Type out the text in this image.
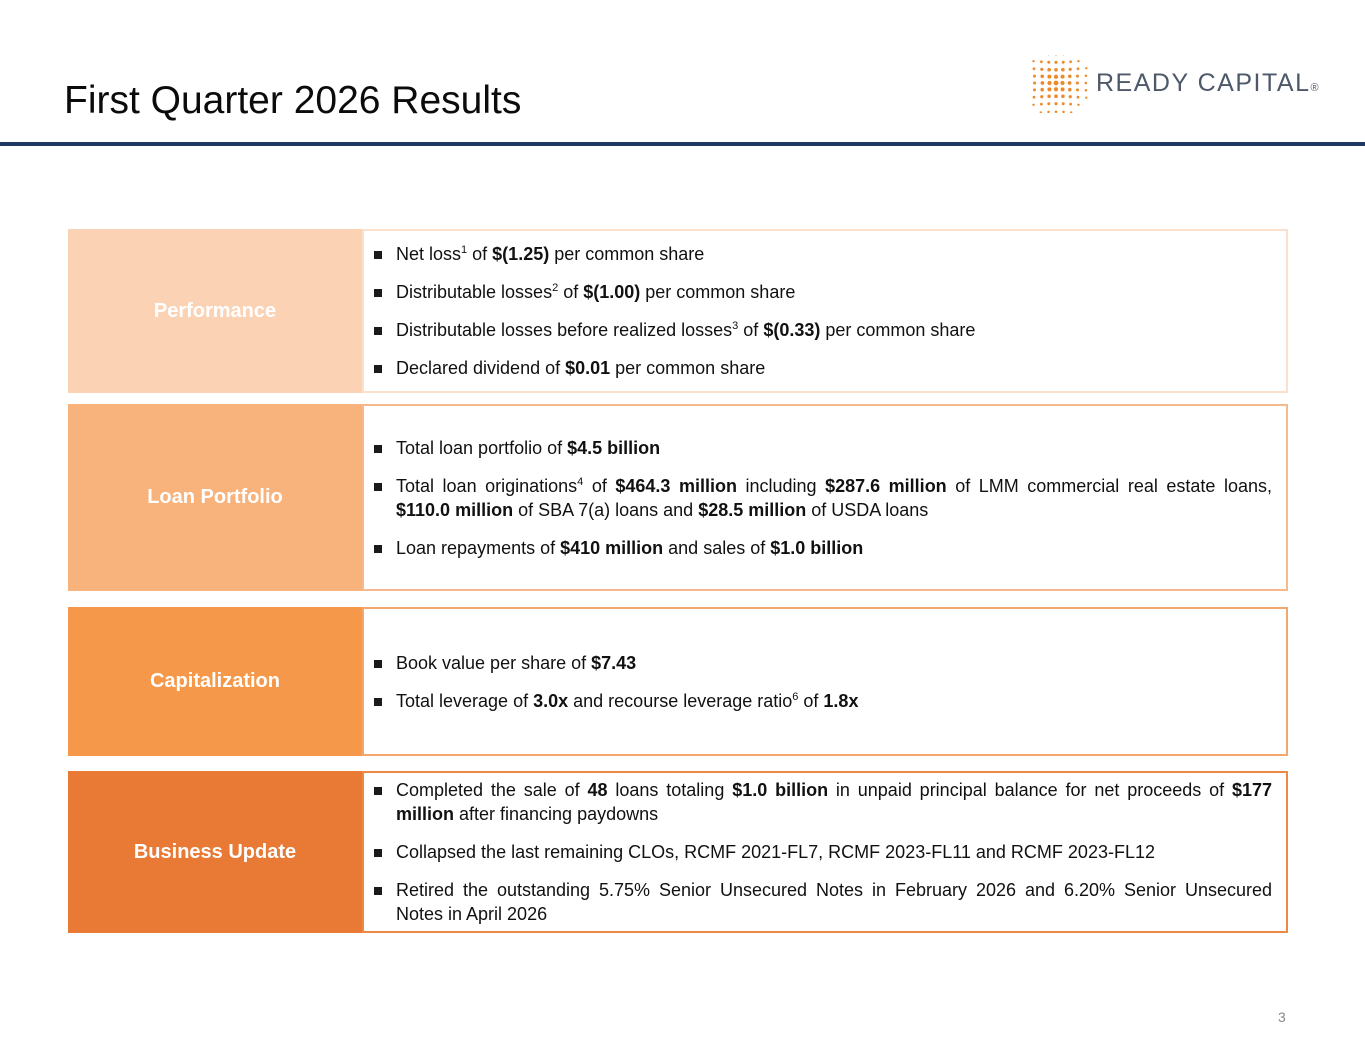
First Quarter 2026 Results	READY CAPITAL®
Performance
Net loss$^1$ of $(1.25) per common share
Distributable losses$^2$ of $(1.00) per common share
Distributable losses before realized losses$^3$ of $(0.33) per common share
Declared dividend of $0.01 per common share
Loan Portfolio
Total loan portfolio of $4.5 billion
Total loan originations$^4$ of $464.3 million including $287.6 million of LMM commercial real estate loans, $110.0 million of SBA 7(a) loans and $28.5 million of USDA loans
Loan repayments of $410 million and sales of $1.0 billion
Capitalization
Book value per share of $7.43
Total leverage of 3.0x and recourse leverage ratio$^6$ of 1.8x
Business Update
Completed the sale of 48 loans totaling $1.0 billion in unpaid principal balance for net proceeds of $177 million after financing paydowns
Collapsed the last remaining CLOs, RCMF 2021-FL7, RCMF 2023-FL11 and RCMF 2023-FL12
Retired the outstanding 5.75% Senior Unsecured Notes in February 2026 and 6.20% Senior Unsecured Notes in April 2026
3
